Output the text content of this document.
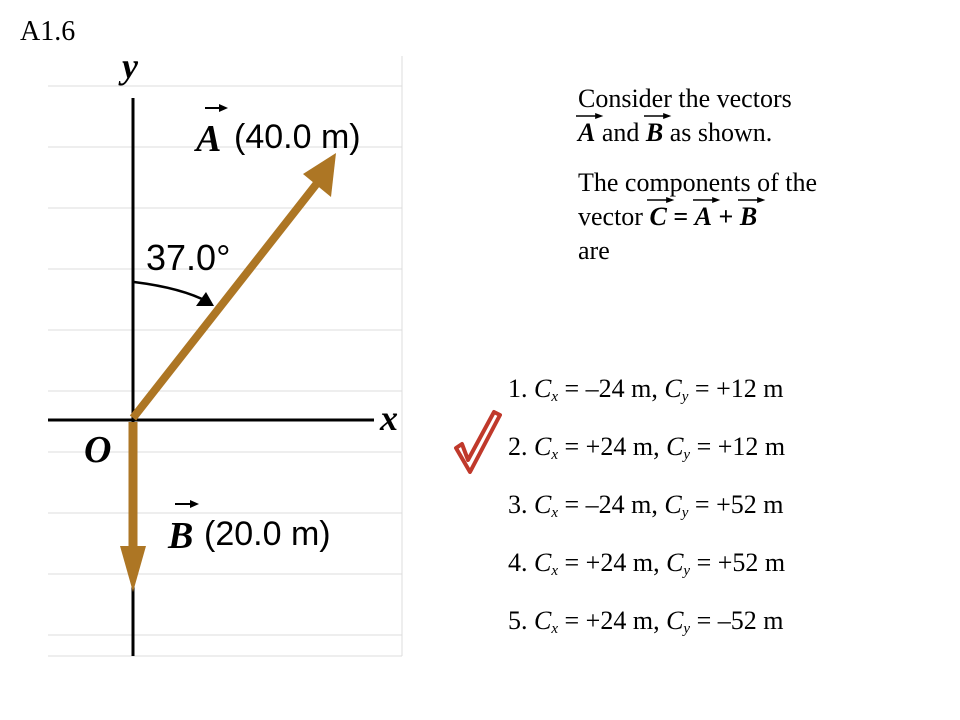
A1.6
y
x
O
37.0°
A (40.0 m)
B (20.0 m)

Consider the vectors

A and B as shown.

The components of the vector C = A + B
are

1. $C_x = -24$ m, $C_y = +12$ m
2. $C_x = +24$ m, $C_y = +12$ m
3. $C_x = -24$ m, $C_y = +52$ m
4. $C_x = +24$ m, $C_y = +52$ m
5. $C_x = +24$ m, $C_y = -52$ m
